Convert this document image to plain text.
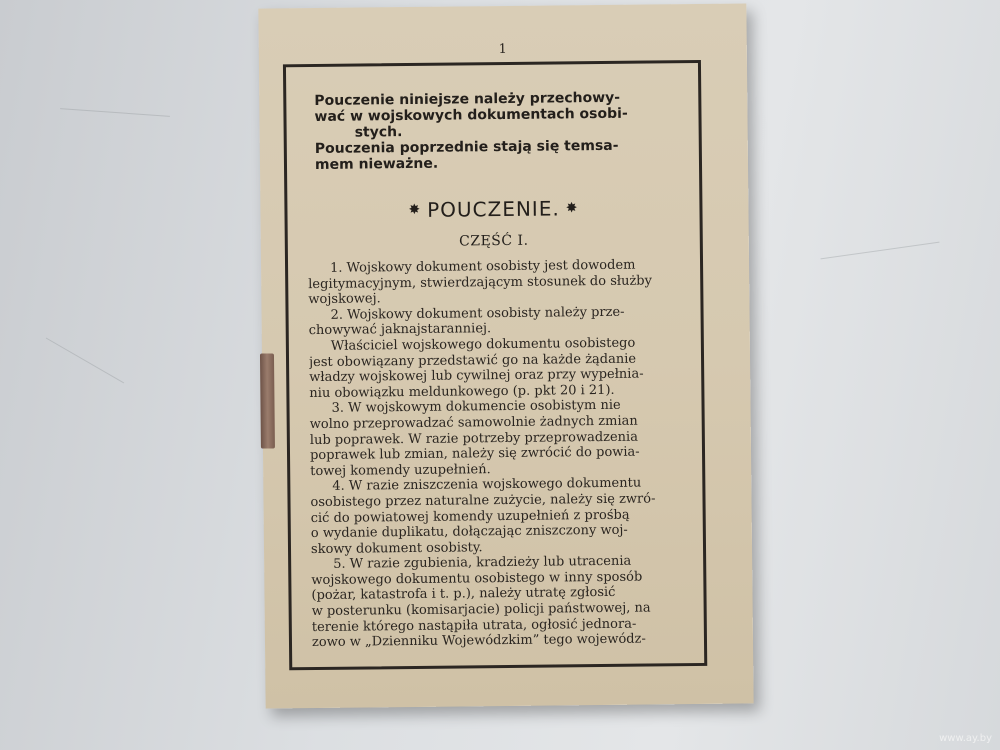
1

Pouczenie niniejsze należy przechowy-

wać w wojskowych dokumentach osobi-

stych.

Pouczenia poprzednie stają się temsa-

mem nieważne.

✸ POUCZENIE. ✸
CZĘŚĆ I.
1. Wojskowy dokument osobisty jest dowodem
legitymacyjnym, stwierdzającym stosunek do służby
wojskowej.
2. Wojskowy dokument osobisty należy prze-
chowywać jaknajstaranniej.
Właściciel wojskowego dokumentu osobistego
jest obowiązany przedstawić go na każde żądanie
władzy wojskowej lub cywilnej oraz przy wypełnia-
niu obowiązku meldunkowego (p. pkt 20 i 21).
3. W wojskowym dokumencie osobistym nie
wolno przeprowadzać samowolnie żadnych zmian
lub poprawek. W razie potrzeby przeprowadzenia
poprawek lub zmian, należy się zwrócić do powia-
towej komendy uzupełnień.
4. W razie zniszczenia wojskowego dokumentu
osobistego przez naturalne zużycie, należy się zwró-
cić do powiatowej komendy uzupełnień z prośbą
o wydanie duplikatu, dołączając zniszczony woj-
skowy dokument osobisty.
5. W razie zgubienia, kradzieży lub utracenia
wojskowego dokumentu osobistego w inny sposób
(pożar, katastrofa i t. p.), należy utratę zgłosić
w posterunku (komisarjacie) policji państwowej, na
terenie którego nastąpiła utrata, ogłosić jednora-
zowo w „Dzienniku Wojewódzkim” tego wojewódz-
www.ay.by
